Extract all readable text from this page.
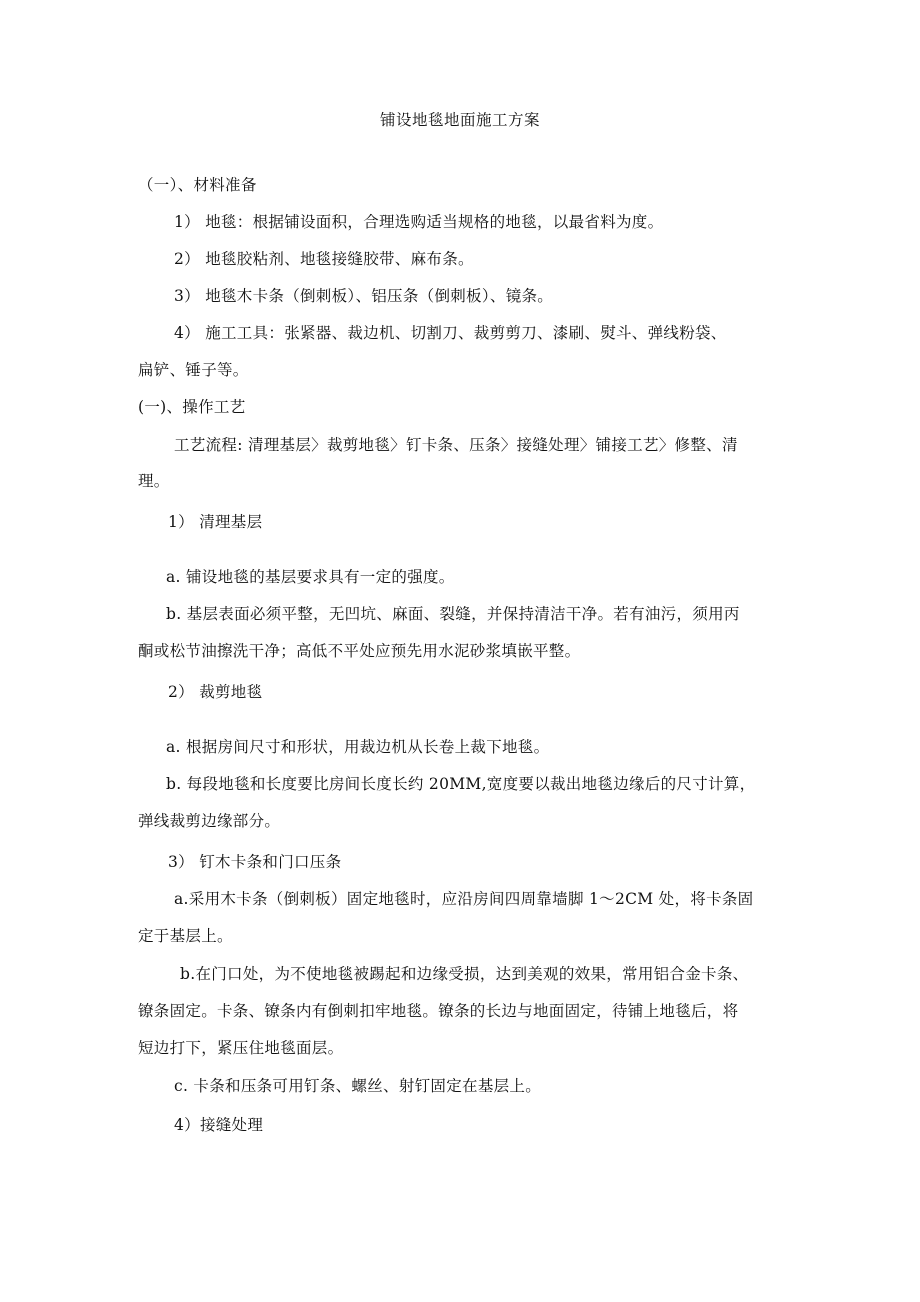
铺设地毯地面施工方案
（一）、材料准备
1） 地毯：根据铺设面积，合理选购适当规格的地毯，以最省料为度。
2） 地毯胶粘剂、地毯接缝胶带、麻布条。
3） 地毯木卡条（倒刺板）、铝压条（倒刺板）、镜条。
4） 施工工具：张紧器、裁边机、切割刀、裁剪剪刀、漆刷、熨斗、弹线粉袋、
扁铲、锤子等。
(一)、操作工艺
工艺流程: 清理基层〉裁剪地毯〉钉卡条、压条〉接缝处理〉铺接工艺〉修整、清
理。
1） 清理基层
a. 铺设地毯的基层要求具有一定的强度。
b. 基层表面必须平整，无凹坑、麻面、裂缝，并保持清洁干净。若有油污，须用丙
酮或松节油擦洗干净；高低不平处应预先用水泥砂浆填嵌平整。
2） 裁剪地毯
a. 根据房间尺寸和形状，用裁边机从长卷上裁下地毯。
b. 每段地毯和长度要比房间长度长约 20MM,宽度要以裁出地毯边缘后的尺寸计算，
弹线裁剪边缘部分。
3） 钉木卡条和门口压条
a.采用木卡条（倒刺板）固定地毯时，应沿房间四周靠墙脚 1～2CM 处，将卡条固
定于基层上。
b.在门口处，为不使地毯被踢起和边缘受损，达到美观的效果，常用铝合金卡条、
镣条固定。卡条、镣条内有倒刺扣牢地毯。镣条的长边与地面固定，待铺上地毯后，将
短边打下，紧压住地毯面层。
c. 卡条和压条可用钉条、螺丝、射钉固定在基层上。
4）接缝处理
